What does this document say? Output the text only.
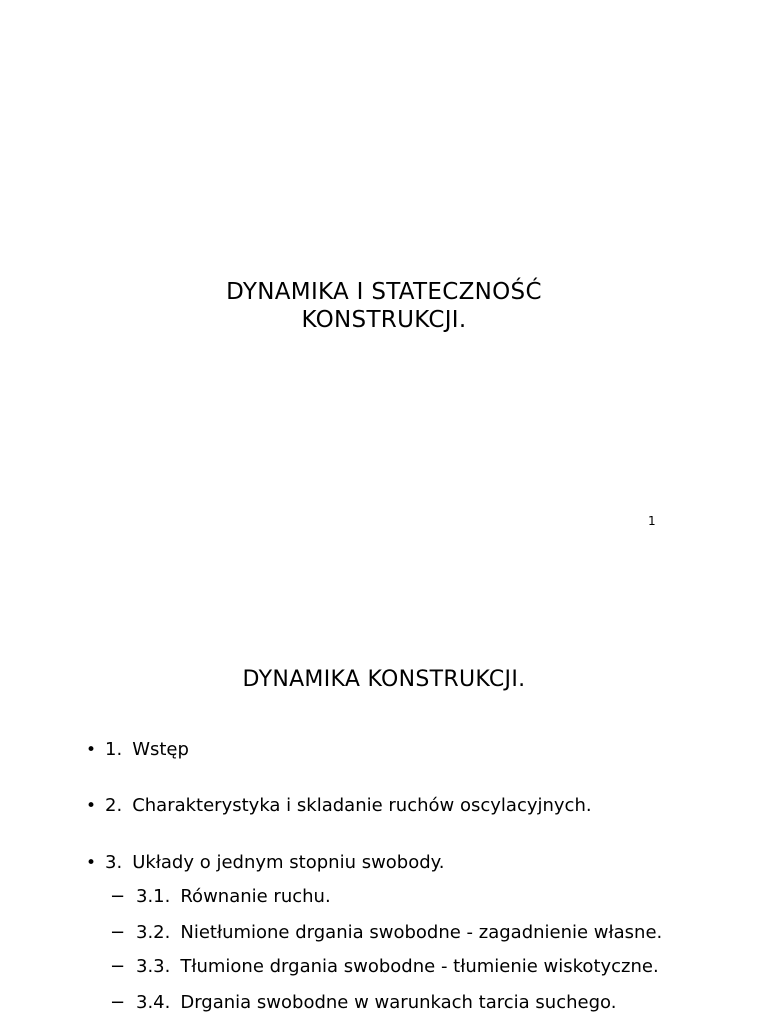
DYNAMIKA I STATECZNOŚĆ
KONSTRUKCJI.
1
DYNAMIKA KONSTRUKCJI.
• 1. Wstęp
• 2. Charakterystyka i skladanie ruchów oscylacyjnych.
• 3. Układy o jednym stopniu swobody.
− 3.1. Równanie ruchu.
− 3.2. Nietłumione drgania swobodne - zagadnienie własne.
− 3.3. Tłumione drgania swobodne - tłumienie wiskotyczne.
− 3.4. Drgania swobodne w warunkach tarcia suchego.
